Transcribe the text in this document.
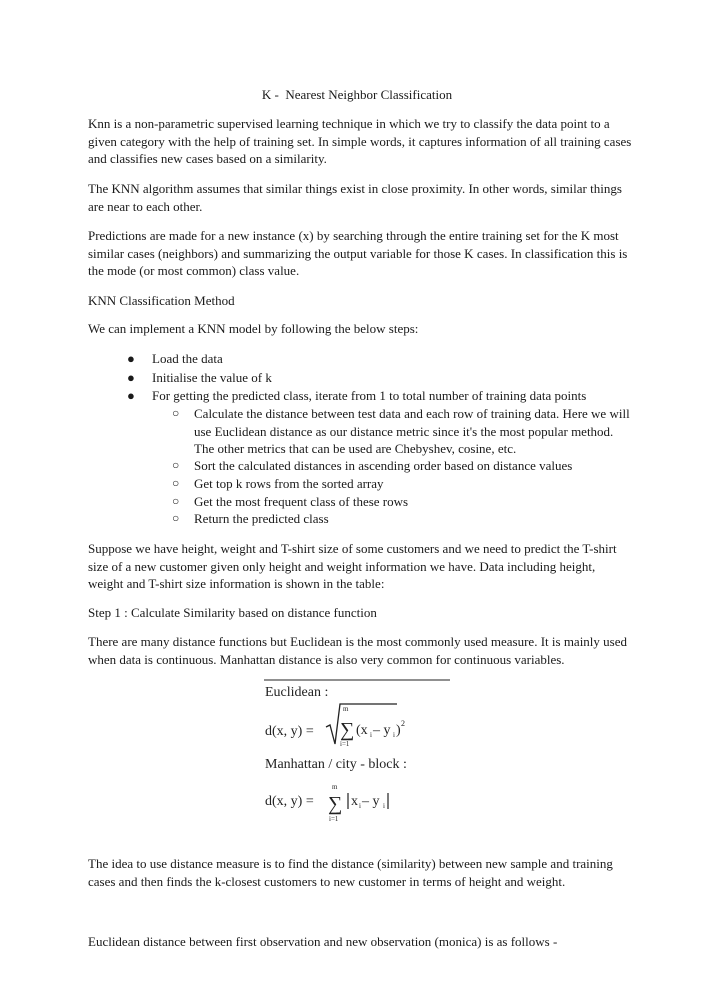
K -  Nearest Neighbor Classification

Knn is a non-parametric supervised learning technique in which we try to classify the data point to a given category with the help of training set. In simple words, it captures information of all training cases and classifies new cases based on a similarity.

The KNN algorithm assumes that similar things exist in close proximity. In other words, similar things are near to each other.

Predictions are made for a new instance (x) by searching through the entire training set for the K most similar cases (neighbors) and summarizing the output variable for those K cases. In classification this is the mode (or most common) class value.

KNN Classification Method

We can implement a KNN model by following the below steps:

● Load the data
● Initialise the value of k
● For getting the predicted class, iterate from 1 to total number of training data points
○ Calculate the distance between test data and each row of training data. Here we will use Euclidean distance as our distance metric since it's the most popular method. The other metrics that can be used are Chebyshev, cosine, etc.
○ Sort the calculated distances in ascending order based on distance values
○ Get top k rows from the sorted array
○ Get the most frequent class of these rows
○ Return the predicted class

Suppose we have height, weight and T-shirt size of some customers and we need to predict the T-shirt size of a new customer given only height and weight information we have. Data including height, weight and T-shirt size information is shown in the table:

Step 1 : Calculate Similarity based on distance function

There are many distance functions but Euclidean is the most commonly used measure. It is mainly used when data is continuous. Manhattan distance is also very common for continuous variables.

Euclidean :
d(x, y) =
m
∑
i=1
(x i – y i ) 2
Manhattan / city - block :
d(x, y) =
m
∑
i=1
x i – y i

The idea to use distance measure is to find the distance (similarity) between new sample and training cases and then finds the k-closest customers to new customer in terms of height and weight.

Euclidean distance between first observation and new observation (monica) is as follows -
